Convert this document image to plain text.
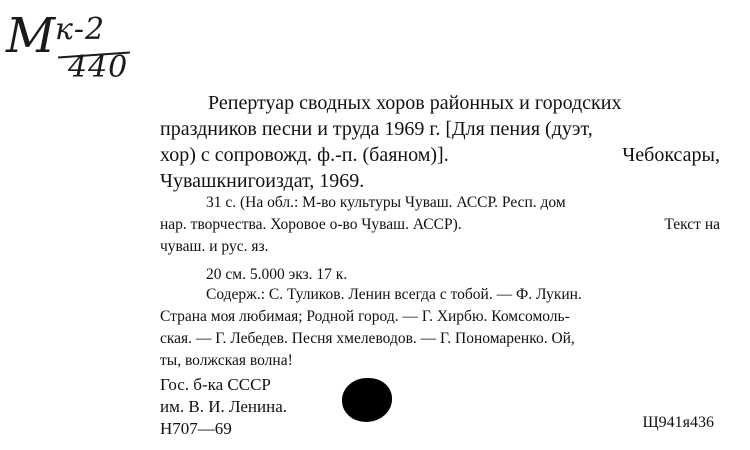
М
к-2
440
Репертуар сводных хоров районных и городских
праздников песни и труда 1969 г. [Для пения (дуэт,
хор) с сопровожд. ф.-п. (баяном)].	Чебоксары,
Чувашкнигоиздат, 1969.
31 с. (На обл.: М-во культуры Чуваш. АССР. Респ. дом
нар. творчества. Хоровое о-во Чуваш. АССР).	Текст на
чуваш. и рус. яз.
20 см. 5.000 экз. 17 к.
Содерж.: С. Туликов. Ленин всегда с тобой. — Ф. Лукин.
Страна моя любимая; Родной город. — Г. Хирбю. Комсомоль-
ская. — Г. Лебедев. Песня хмелеводов. — Г. Пономаренко. Ой,
ты, волжская волна!
Гос. б-ка СССР
им. В. И. Ленина.
Н707—69	Щ941я436
